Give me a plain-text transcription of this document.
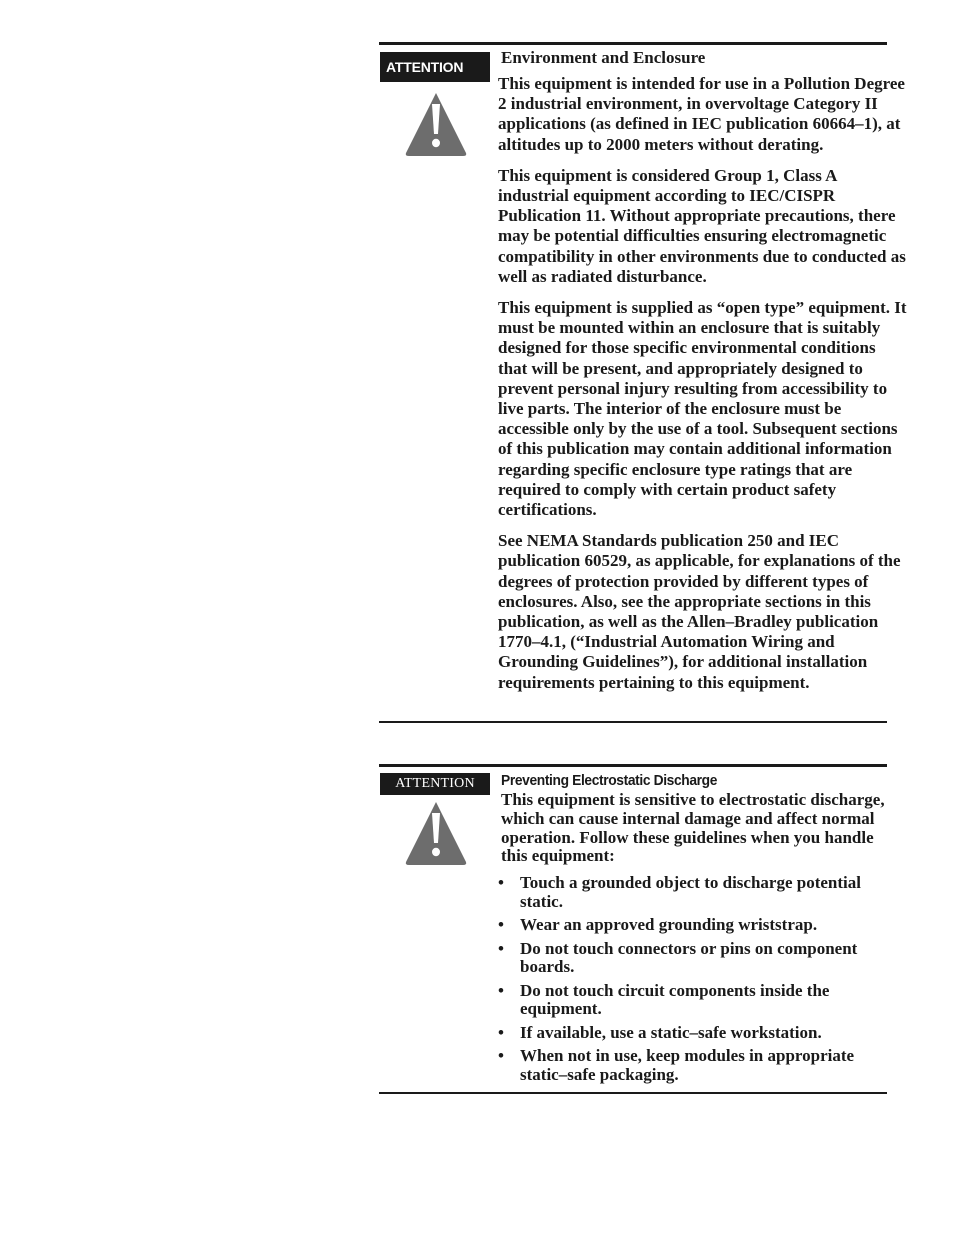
ATTENTION	Environment and Enclosure

This equipment is intended for use in a Pollution Degree 2 industrial environment, in overvoltage Category II applications (as defined in IEC publication 60664–1), at altitudes up to 2000 meters without derating.

This equipment is considered Group 1, Class A industrial equipment according to IEC/CISPR Publication 11. Without appropriate precautions, there may be potential difficulties ensuring electromagnetic compatibility in other environments due to conducted as well as radiated disturbance.

This equipment is supplied as “open type” equipment. It must be mounted within an enclosure that is suitably designed for those specific environmental conditions that will be present, and appropriately designed to prevent personal injury resulting from accessibility to live parts. The interior of the enclosure must be accessible only by the use of a tool. Subsequent sections of this publication may contain additional information regarding specific enclosure type ratings that are required to comply with certain product safety certifications.

See NEMA Standards publication 250 and IEC publication 60529, as applicable, for explanations of the degrees of protection provided by different types of enclosures. Also, see the appropriate sections in this publication, as well as the Allen–Bradley publication 1770–4.1, (“Industrial Automation Wiring and Grounding Guidelines”), for additional installation requirements pertaining to this equipment.

ATTENTION	Preventing Electrostatic Discharge

This equipment is sensitive to electrostatic discharge, which can cause internal damage and affect normal operation. Follow these guidelines when you handle this equipment:

• Touch a grounded object to discharge potential static.
• Wear an approved grounding wriststrap.
• Do not touch connectors or pins on component boards.
• Do not touch circuit components inside the equipment.
• If available, use a static–safe workstation.
• When not in use, keep modules in appropriate static–safe packaging.
